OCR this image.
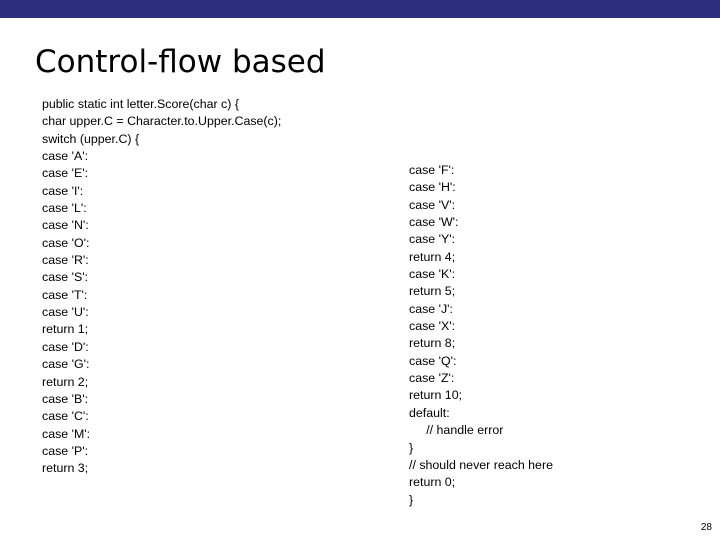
Control-flow based
public static int letter.Score(char c) {
char upper.C = Character.to.Upper.Case(c);
switch (upper.C) {
case 'A':
case 'E':
case 'I':
case 'L':
case 'N':
case 'O':
case 'R':
case 'S':
case 'T':
case 'U':
return 1;
case 'D':
case 'G':
return 2;
case 'B':
case 'C':
case 'M':
case 'P':
return 3;
case 'F':
case 'H':
case 'V':
case 'W':
case 'Y':
return 4;
case 'K':
return 5;
case 'J':
case 'X':
return 8;
case 'Q':
case 'Z':
return 10;
default:
// handle error
}
// should never reach here
return 0;
}
28
